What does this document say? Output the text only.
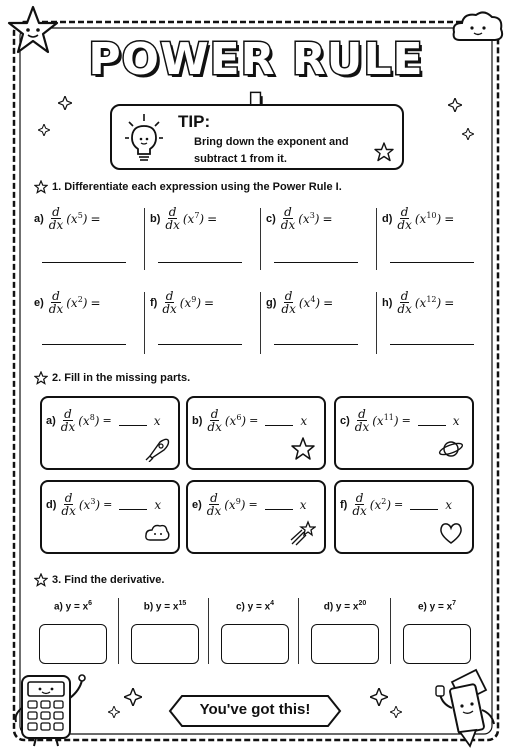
POWER RULE
TIP:
Bring down the exponent and subtract 1 from it.
1. Differentiate each expression using the Power Rule I.
$a) \frac{d}{dx} (x^5)$ =	$b) \frac{d}{dx} (x^7)$ =	$c) \frac{d}{dx} (x^3)$ =	$d) \frac{d}{dx} (x^{10})$ =
$e) \frac{d}{dx} (x^2)$ =	$f) \frac{d}{dx} (x^9)$ =	$g) \frac{d}{dx} (x^4)$ =	$h) \frac{d}{dx} (x^{12})$ =
2. Fill in the missing parts.
$a) \frac{d}{dx} (x^8)$ =	x	$b) \frac{d}{dx} (x^6)$ =	x	$c) \frac{d}{dx} (x^{11})$ =	x
$d) \frac{d}{dx} (x^3)$ =	x	$e) \frac{d}{dx} (x^9)$ =	x	$f) \frac{d}{dx} (x^2)$ =	x
3. Find the derivative.
a) $y = x^6$	b) $y = x^{15}$	c) $y = x^4$	d) $y = x^{20}$	e) $y = x^7$
You've got this!
